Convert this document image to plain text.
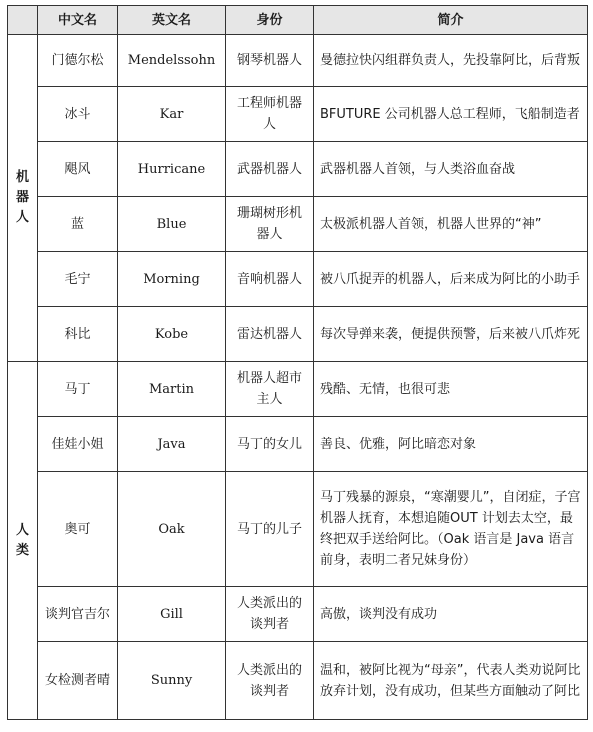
	中文名	英文名	身份	简介

机器人	门德尔松	Mendelssohn	钢琴机器人	曼德拉快闪组群负责人，先投靠阿比，后背叛
	冰斗	Kar	工程师机器人	BFUTURE 公司机器人总工程师，飞船制造者
	飓风	Hurricane	武器机器人	武器机器人首领，与人类浴血奋战
	蓝	Blue	珊瑚树形机器人	太极派机器人首领，机器人世界的“神”
	毛宁	Morning	音响机器人	被八爪捉弄的机器人，后来成为阿比的小助手
	科比	Kobe	雷达机器人	每次导弹来袭，便提供预警，后来被八爪炸死

人类	马丁	Martin	机器人超市主人	残酷、无情，也很可悲
	佳娃小姐	Java	马丁的女儿	善良、优雅，阿比暗恋对象
	奥可	Oak	马丁的儿子	马丁残暴的源泉，“寒潮婴儿”，自闭症，子宫机器人抚育，本想追随OUT 计划去太空，最终把双手送给阿比。（Oak 语言是 Java 语言前身，表明二者兄妹身份）
	谈判官吉尔	Gill	人类派出的谈判者	高傲，谈判没有成功
	女检测者晴	Sunny	人类派出的谈判者	温和，被阿比视为“母亲”，代表人类劝说阿比放弃计划，没有成功，但某些方面触动了阿比
